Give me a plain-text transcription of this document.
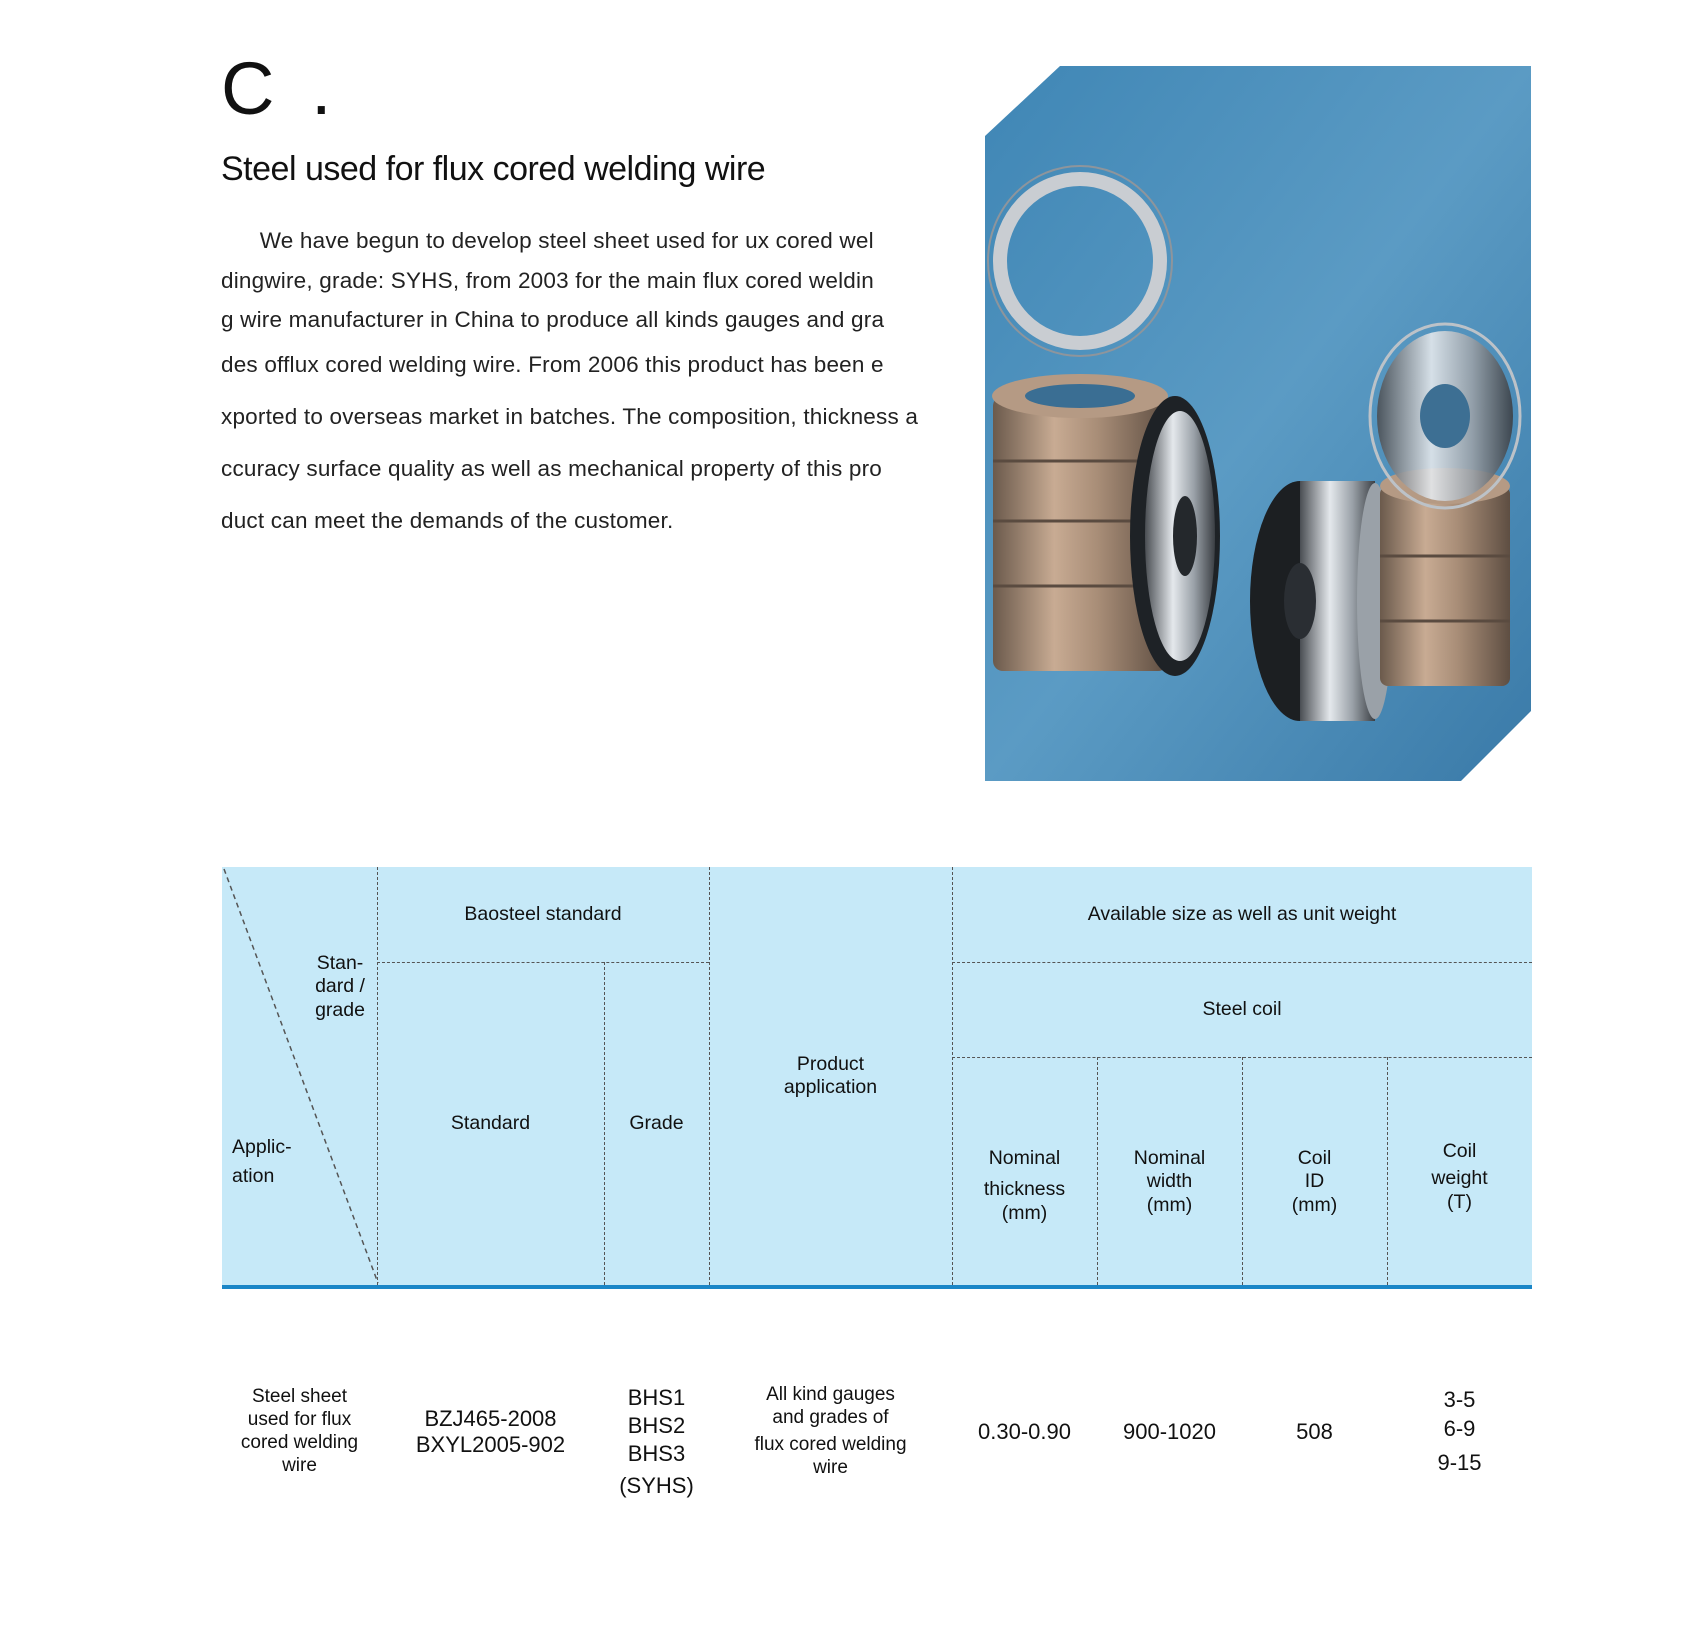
C .
Steel used for flux cored welding wire
We have begun to develop steel sheet used for ux cored wel
dingwire, grade: SYHS, from 2003 for the main flux cored weldin
g wire manufacturer in China to produce all kinds gauges and gra
des offlux cored welding wire. From 2006 this product has been e
xported to overseas market in batches. The composition, thickness a
ccuracy surface quality as well as mechanical property of this pro
duct can meet the demands of the customer.
Stan-
dard /
grade
Applic-
ation
Baosteel standard
Standard	Grade
Product
application
Available size as well as unit weight
Steel coil
Nominal
thickness
(mm)
Nominal
width
(mm)
Coil
ID
(mm)
Coil
weight
(T)
Steel sheet
used for flux
cored welding
wire
BZJ465-2008
BXYL2005-902
BHS1
BHS2
BHS3
(SYHS)
All kind gauges
and grades of
flux cored welding
wire
0.30-0.90 900-1020	508
3-5
6-9
9-15
